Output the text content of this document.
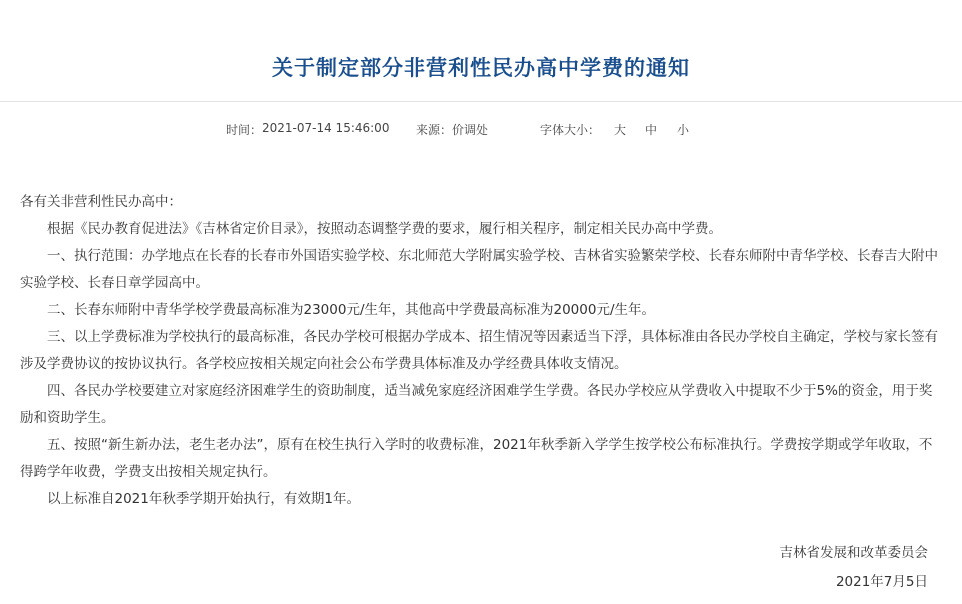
关于制定部分非营利性民办高中学费的通知
时间： 2021-07-14 15:46:00 来源： 价调处	字体大小： 大 中 小

各有关非营利性民办高中：

根据《民办教育促进法》《吉林省定价目录》，按照动态调整学费的要求，履行相关程序，制定相关民办高中学费。

一、执行范围：办学地点在长春的长春市外国语实验学校、东北师范大学附属实验学校、吉林省实验繁荣学校、长春东师附中青华学校、长春吉大附中实验学校、长春日章学园高中。

二、长春东师附中青华学校学费最高标准为23000元/生年，其他高中学费最高标准为20000元/生年。

三、以上学费标准为学校执行的最高标准，各民办学校可根据办学成本、招生情况等因素适当下浮，具体标准由各民办学校自主确定，学校与家长签有涉及学费协议的按协议执行。各学校应按相关规定向社会公布学费具体标准及办学经费具体收支情况。

四、各民办学校要建立对家庭经济困难学生的资助制度，适当减免家庭经济困难学生学费。各民办学校应从学费收入中提取不少于5%的资金，用于奖励和资助学生。

五、按照“新生新办法，老生老办法”，原有在校生执行入学时的收费标准，2021年秋季新入学学生按学校公布标准执行。学费按学期或学年收取，不得跨学年收费，学费支出按相关规定执行。

以上标准自2021年秋季学期开始执行，有效期1年。

吉林省发展和改革委员会
2021年7月5日
